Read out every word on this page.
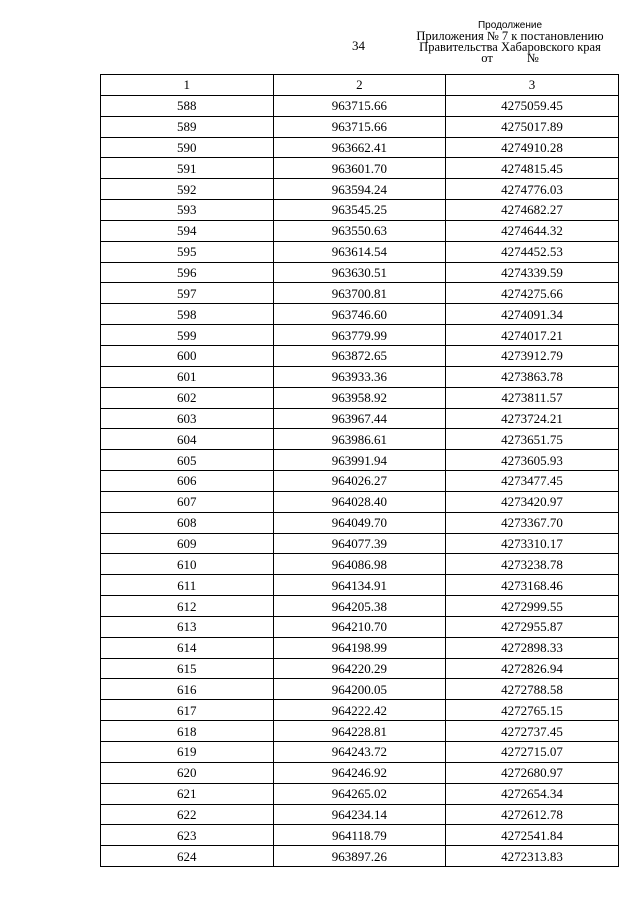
34
Продолжение
Приложения № 7 к постановлению
Правительства Хабаровского края
от	№
1	2	3
588	963715.66	4275059.45
589	963715.66	4275017.89
590	963662.41	4274910.28
591	963601.70	4274815.45
592	963594.24	4274776.03
593	963545.25	4274682.27
594	963550.63	4274644.32
595	963614.54	4274452.53
596	963630.51	4274339.59
597	963700.81	4274275.66
598	963746.60	4274091.34
599	963779.99	4274017.21
600	963872.65	4273912.79
601	963933.36	4273863.78
602	963958.92	4273811.57
603	963967.44	4273724.21
604	963986.61	4273651.75
605	963991.94	4273605.93
606	964026.27	4273477.45
607	964028.40	4273420.97
608	964049.70	4273367.70
609	964077.39	4273310.17
610	964086.98	4273238.78
611	964134.91	4273168.46
612	964205.38	4272999.55
613	964210.70	4272955.87
614	964198.99	4272898.33
615	964220.29	4272826.94
616	964200.05	4272788.58
617	964222.42	4272765.15
618	964228.81	4272737.45
619	964243.72	4272715.07
620	964246.92	4272680.97
621	964265.02	4272654.34
622	964234.14	4272612.78
623	964118.79	4272541.84
624	963897.26	4272313.83
